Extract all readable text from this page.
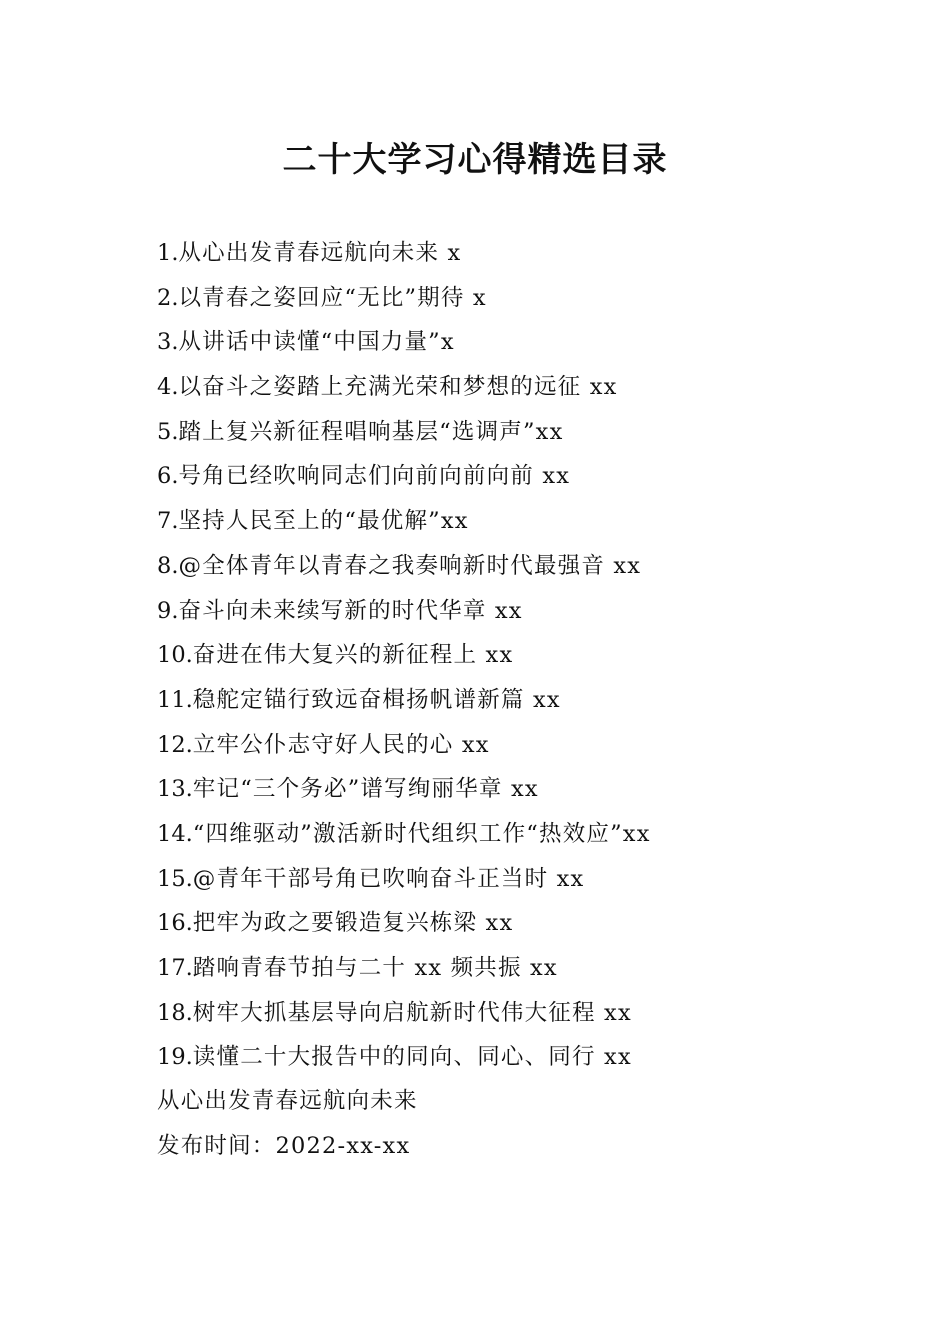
二十大学习心得精选目录
1.从心出发青春远航向未来 x
2.以青春之姿回应“无比”期待 x
3.从讲话中读懂“中国力量”x
4.以奋斗之姿踏上充满光荣和梦想的远征 xx
5.踏上复兴新征程唱响基层“选调声”xx
6.号角已经吹响同志们向前向前向前 xx
7.坚持人民至上的“最优解”xx
8.@全体青年以青春之我奏响新时代最强音 xx
9.奋斗向未来续写新的时代华章 xx
10.奋进在伟大复兴的新征程上 xx
11.稳舵定锚行致远奋楫扬帆谱新篇 xx
12.立牢公仆志守好人民的心 xx
13.牢记“三个务必”谱写绚丽华章 xx
14.“四维驱动”激活新时代组织工作“热效应”xx
15.@青年干部号角已吹响奋斗正当时 xx
16.把牢为政之要锻造复兴栋梁 xx
17.踏响青春节拍与二十 xx 频共振 xx
18.树牢大抓基层导向启航新时代伟大征程 xx
19.读懂二十大报告中的同向、同心、同行 xx
从心出发青春远航向未来
发布时间：2022-xx-xx
